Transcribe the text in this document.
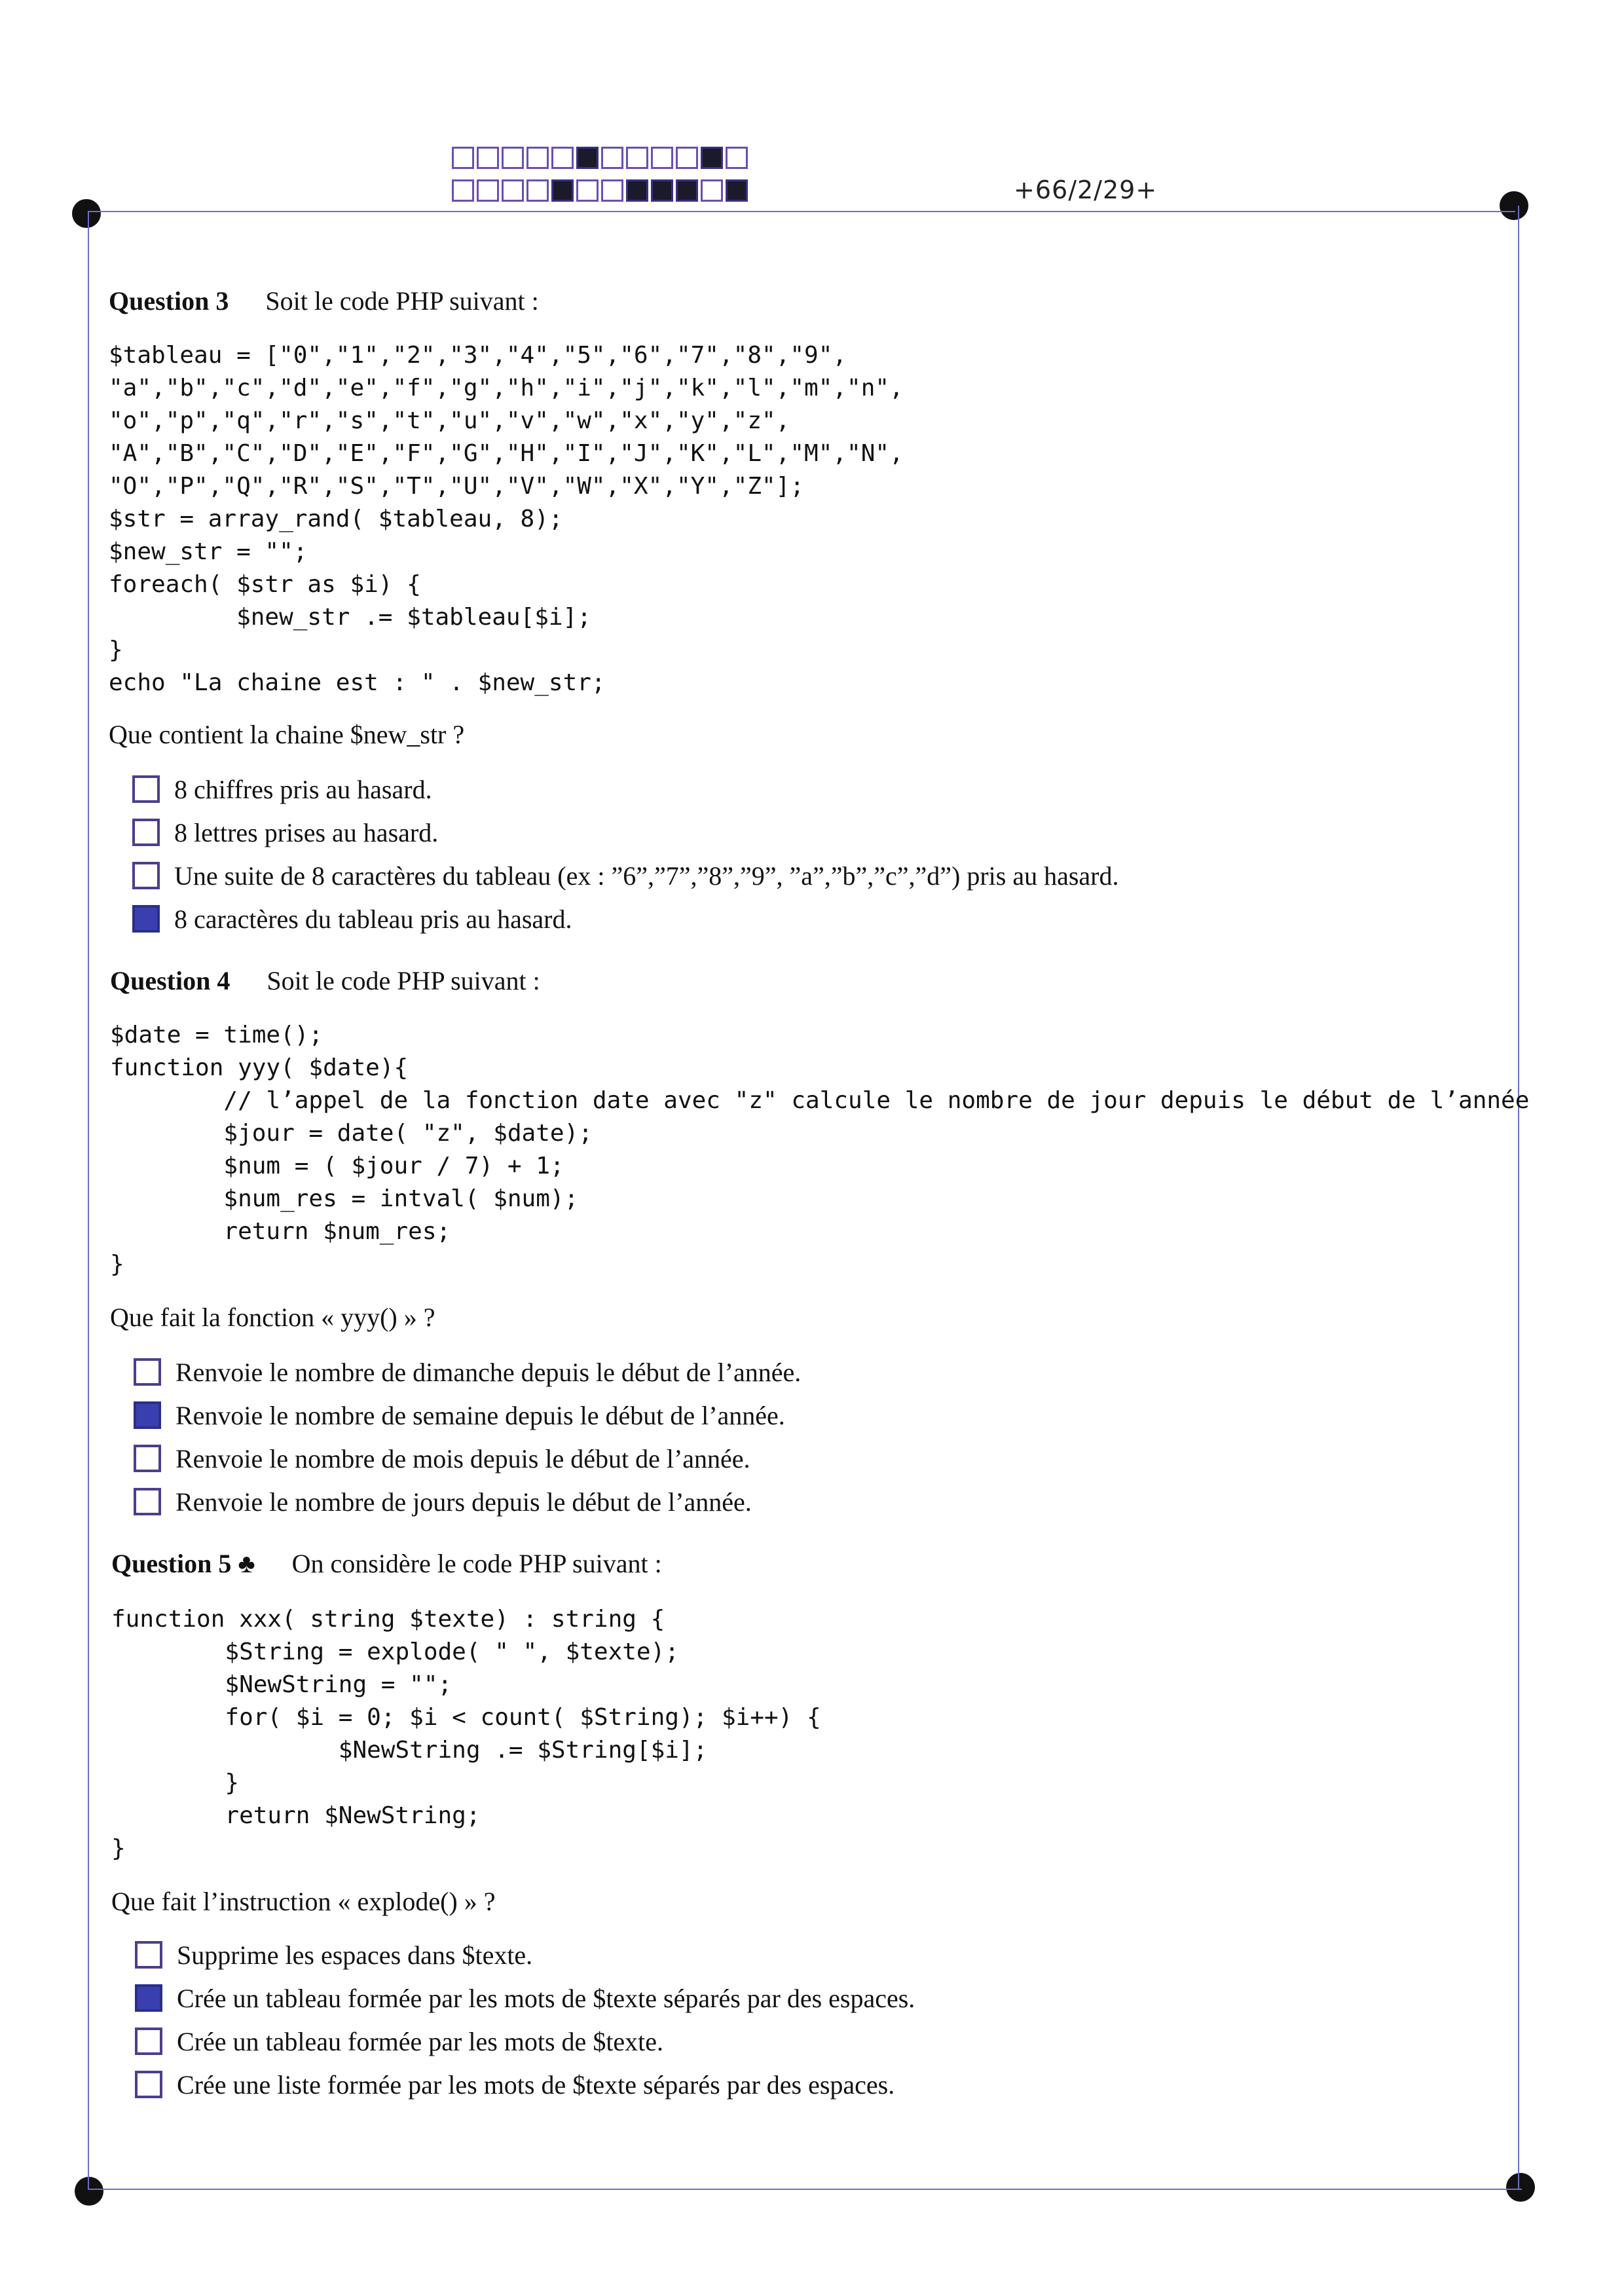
+66/2/29+
Question 3 Soit le code PHP suivant :
$tableau = ["0","1","2","3","4","5","6","7","8","9",
"a","b","c","d","e","f","g","h","i","j","k","l","m","n",
"o","p","q","r","s","t","u","v","w","x","y","z",
"A","B","C","D","E","F","G","H","I","J","K","L","M","N",
"O","P","Q","R","S","T","U","V","W","X","Y","Z"];
$str = array_rand( $tableau, 8);
$new_str = "";
foreach( $str as $i) {
$new_str .= $tableau[$i];
}
echo "La chaine est : " . $new_str;
Que contient la chaine $new_str ?
8 chiffres pris au hasard.
8 lettres prises au hasard.
Une suite de 8 caractères du tableau (ex : ”6”,”7”,”8”,”9”, ”a”,”b”,”c”,”d”) pris au hasard.
8 caractères du tableau pris au hasard.
Question 4 Soit le code PHP suivant :
$date = time();
function yyy( $date){
// l’appel de la fonction date avec "z" calcule le nombre de jour depuis le début de l’année
$jour = date( "z", $date);
$num = ( $jour / 7) + 1;
$num_res = intval( $num);
return $num_res;
}
Que fait la fonction « yyy() » ?
Renvoie le nombre de dimanche depuis le début de l’année.
Renvoie le nombre de semaine depuis le début de l’année.
Renvoie le nombre de mois depuis le début de l’année.
Renvoie le nombre de jours depuis le début de l’année.
Question 5 ♣ On considère le code PHP suivant :
function xxx( string $texte) : string {
$String = explode( " ", $texte);
$NewString = "";
for( $i = 0; $i < count( $String); $i++) {
$NewString .= $String[$i];
}
return $NewString;
}
Que fait l’instruction « explode() » ?
Supprime les espaces dans $texte.
Crée un tableau formée par les mots de $texte séparés par des espaces.
Crée un tableau formée par les mots de $texte.
Crée une liste formée par les mots de $texte séparés par des espaces.
